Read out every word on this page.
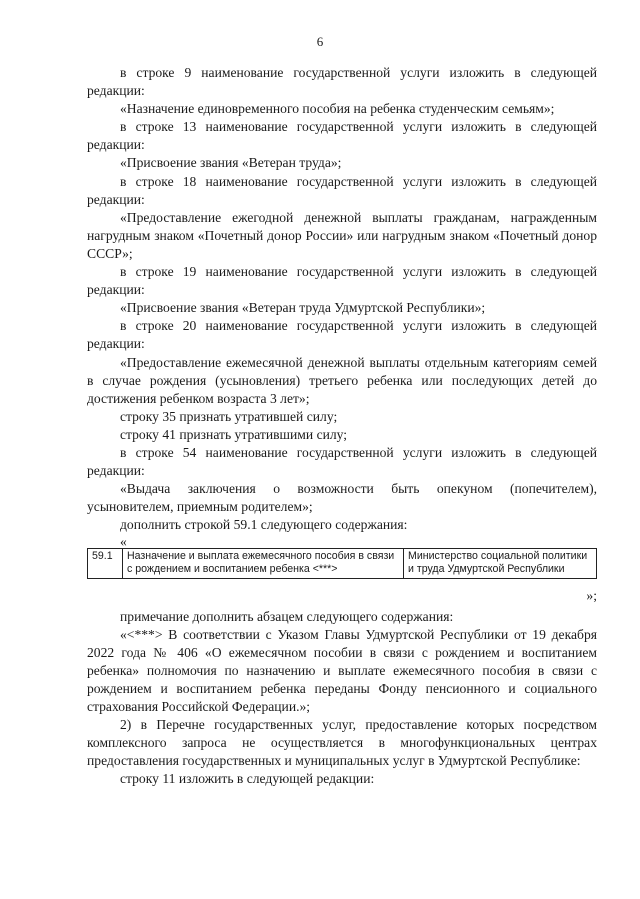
6

в строке 9 наименование государственной услуги изложить в следующей редакции:

«Назначение единовременного пособия на ребенка студенческим семьям»;

в строке 13 наименование государственной услуги изложить в следующей редакции:

«Присвоение звания «Ветеран труда»;

в строке 18 наименование государственной услуги изложить в следующей редакции:

«Предоставление ежегодной денежной выплаты гражданам, награжденным нагрудным знаком «Почетный донор России» или нагрудным знаком «Почетный донор СССР»;

в строке 19 наименование государственной услуги изложить в следующей редакции:

«Присвоение звания «Ветеран труда Удмуртской Республики»;

в строке 20 наименование государственной услуги изложить в следующей редакции:

«Предоставление ежемесячной денежной выплаты отдельным категориям семей в случае рождения (усыновления) третьего ребенка или последующих детей до достижения ребенком возраста 3 лет»;

строку 35 признать утратившей силу;

строку 41 признать утратившими силу;

в строке 54 наименование государственной услуги изложить в следующей редакции:

«Выдача заключения о возможности быть опекуном (попечителем), усыновителем, приемным родителем»;

дополнить строкой 59.1 следующего содержания:

«

59.1	Назначение и выплата ежемесячного пособия в связи с рождением и воспитанием ребенка <***>	Министерство социальной политики и труда Удмуртской Республики

»;

примечание дополнить абзацем следующего содержания:

«<***> В соответствии с Указом Главы Удмуртской Республики от 19 декабря 2022 года № 406 «О ежемесячном пособии в связи с рождением и воспитанием ребенка» полномочия по назначению и выплате ежемесячного пособия в связи с рождением и воспитанием ребенка переданы Фонду пенсионного и социального страхования Российской Федерации.»;

2) в Перечне государственных услуг, предоставление которых посредством комплексного запроса не осуществляется в многофункциональных центрах предоставления государственных и муниципальных услуг в Удмуртской Республике:

строку 11 изложить в следующей редакции:
